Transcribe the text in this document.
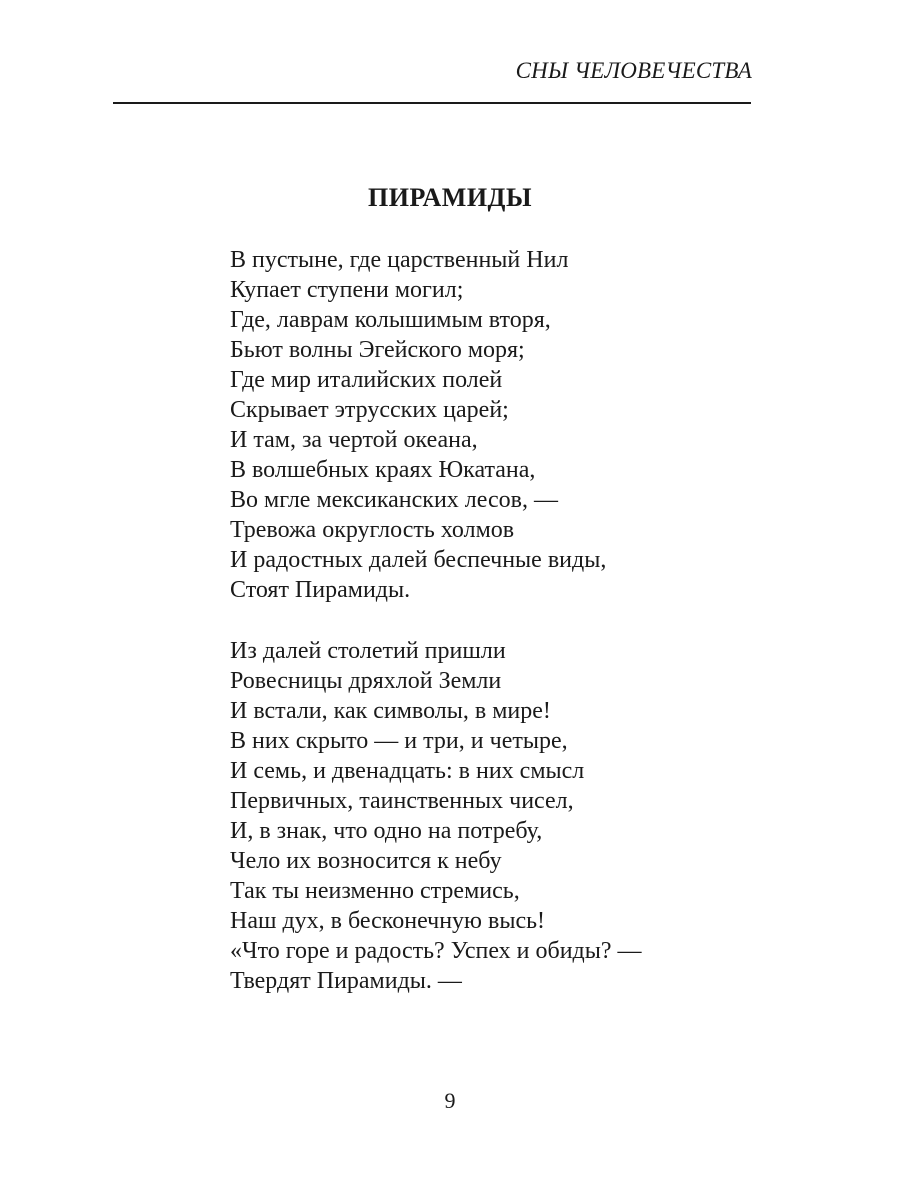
СНЫ ЧЕЛОВЕЧЕСТВА
ПИРАМИДЫ
В пустыне, где царственный Нил
Купает ступени могил;
Где, лаврам колышимым вторя,
Бьют волны Эгейского моря;
Где мир италийских полей
Скрывает этрусских царей;
И там, за чертой океана,
В волшебных краях Юкатана,
Во мгле мексиканских лесов, —
Тревожа округлость холмов
И радостных далей беспечные виды,
Стоят Пирамиды.
Из далей столетий пришли
Ровесницы дряхлой Земли
И встали, как символы, в мире!
В них скрыто — и три, и четыре,
И семь, и двенадцать: в них смысл
Первичных, таинственных чисел,
И, в знак, что одно на потребу,
Чело их возносится к небу
Так ты неизменно стремись,
Наш дух, в бесконечную высь!
«Что горе и радость? Успех и обиды? —
Твердят Пирамиды. —
9
